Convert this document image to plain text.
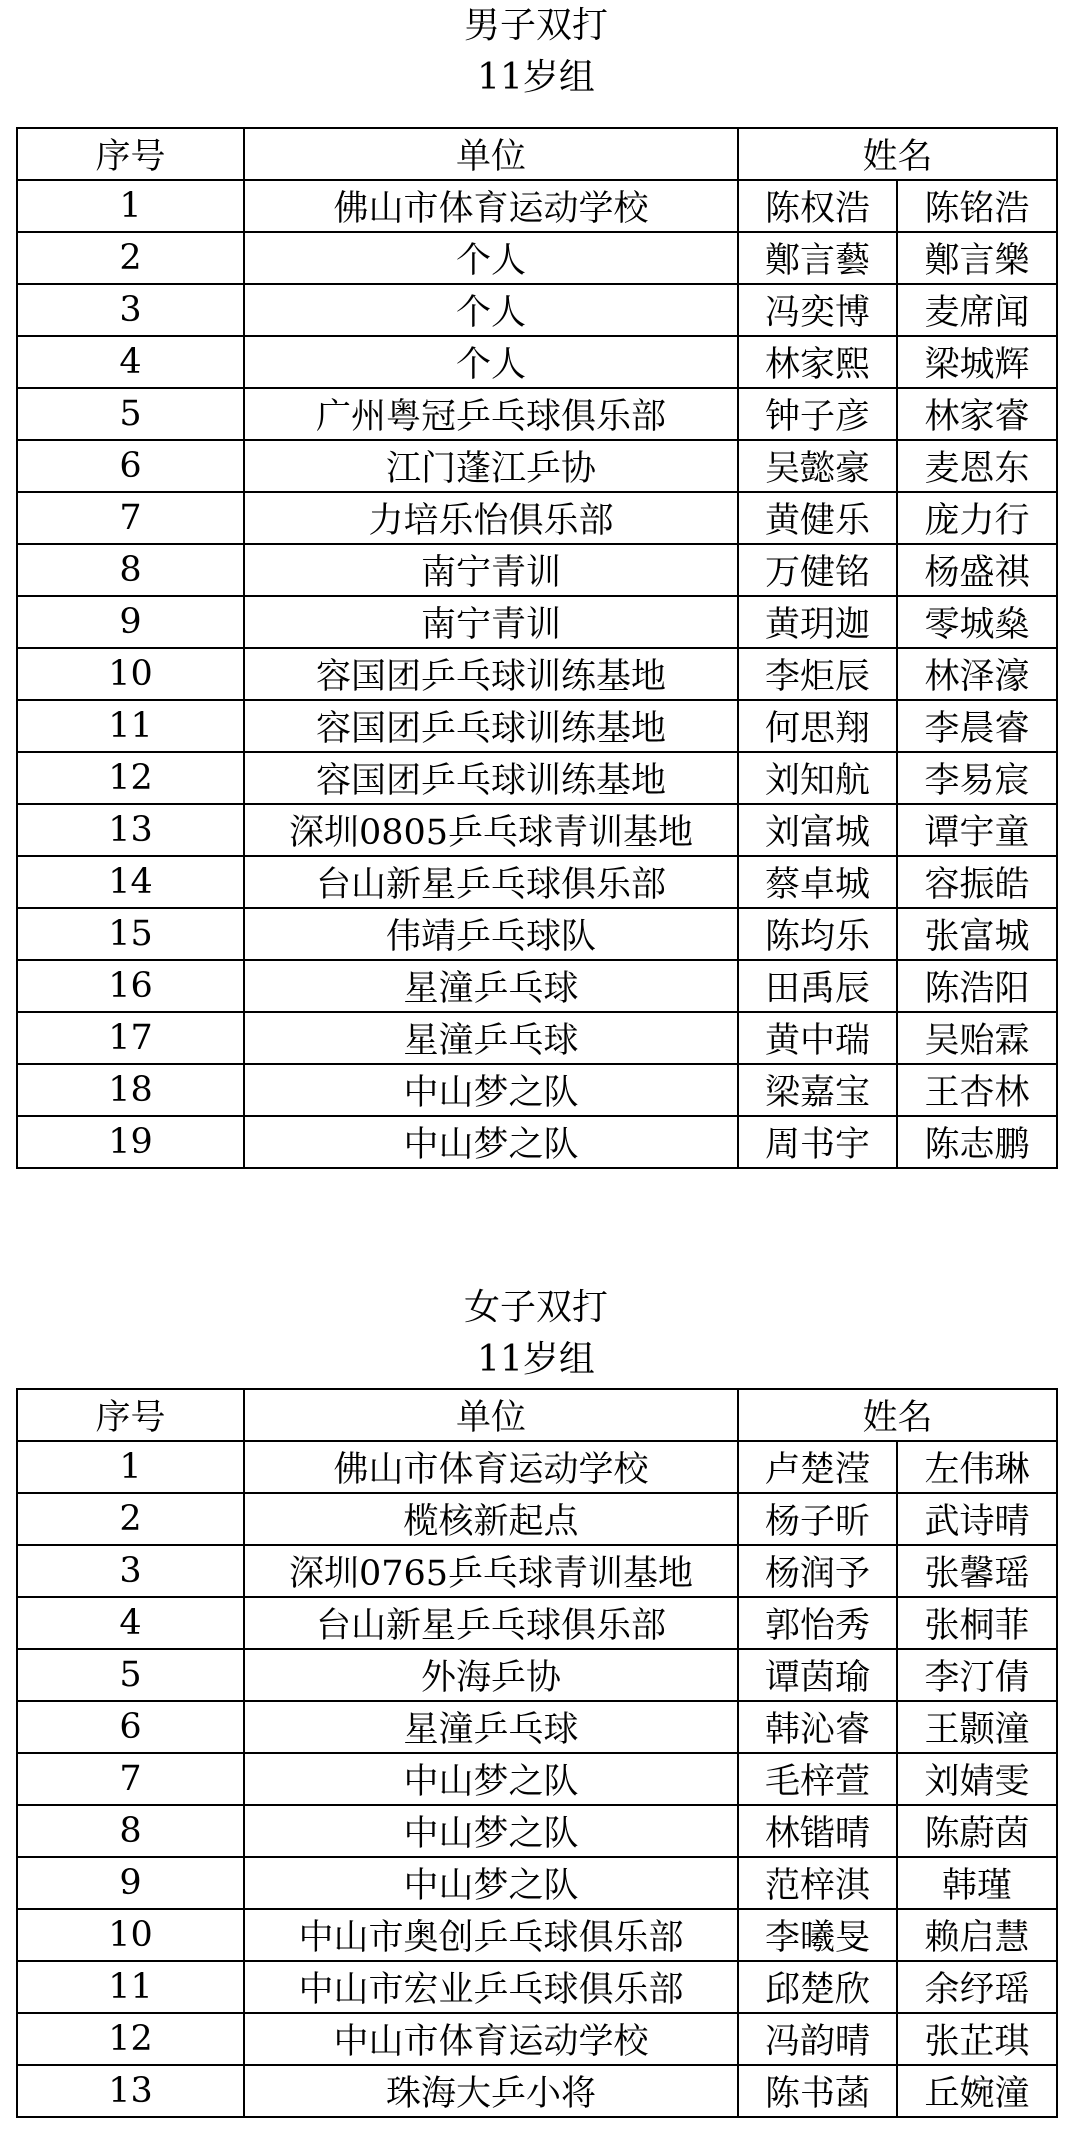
男子双打
11岁组
序号	单位	姓名	
1	佛山市体育运动学校	陈权浩	陈铭浩
2	个人	鄭言藝	鄭言樂
3	个人	冯奕博	麦席闻
4	个人	林家熙	梁城辉
5	广州粤冠乒乓球俱乐部	钟子彦	林家睿
6	江门蓬江乒协	吴懿豪	麦恩东
7	力培乐怡俱乐部	黄健乐	庞力行
8	南宁青训	万健铭	杨盛祺
9	南宁青训	黄玥迦	零城燊
10	容国团乒乓球训练基地	李炬辰	林泽濠
11	容国团乒乓球训练基地	何思翔	李晨睿
12	容国团乒乓球训练基地	刘知航	李易宸
13	深圳0805乒乓球青训基地	刘富城	谭宇童
14	台山新星乒乓球俱乐部	蔡卓城	容振皓
15	伟靖乒乓球队	陈均乐	张富城
16	星潼乒乓球	田禹辰	陈浩阳
17	星潼乒乓球	黄中瑞	吴贻霖
18	中山梦之队	梁嘉宝	王杏林
19	中山梦之队	周书宇	陈志鹏
女子双打
11岁组
序号	单位	姓名	
1	佛山市体育运动学校	卢楚滢	左伟琳
2	榄核新起点	杨子昕	武诗晴
3	深圳0765乒乓球青训基地	杨润予	张馨瑶
4	台山新星乒乓球俱乐部	郭怡秀	张桐菲
5	外海乒协	谭茵瑜	李汀倩
6	星潼乒乓球	韩沁睿	王颢潼
7	中山梦之队	毛梓萱	刘婧雯
8	中山梦之队	林锴晴	陈蔚茵
9	中山梦之队	范梓淇	韩瑾
10	中山市奥创乒乓球俱乐部	李曦旻	赖启慧
11	中山市宏业乒乓球俱乐部	邱楚欣	余纾瑶
12	中山市体育运动学校	冯韵晴	张芷琪
13	珠海大乒小将	陈书菡	丘婉潼
